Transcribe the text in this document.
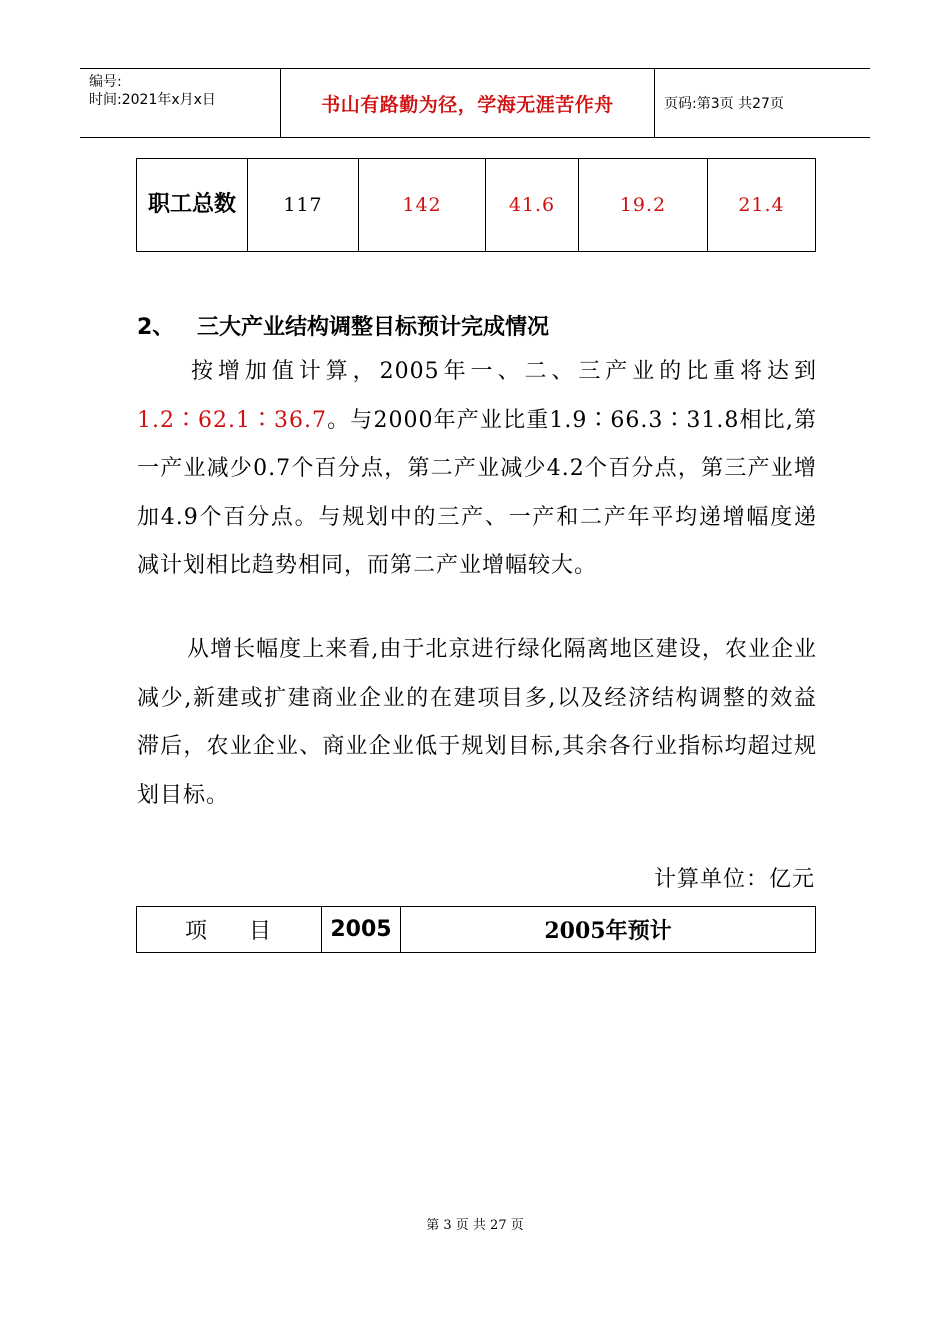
编号:
时间:2021年x月x日	书山有路勤为径，学海无涯苦作舟	页码:第3页 共27页
职工总数	117	142	41.6	19.2	21.4
2、 三大产业结构调整目标预计完成情况

按增加值计算，2005年一、二、三产业的比重将达到1.2∶62.1∶36.7。与2000年产业比重1.9∶66.3∶31.8相比,第一产业减少0.7个百分点，第二产业减少4.2个百分点，第三产业增加4.9个百分点。与规划中的三产、一产和二产年平均递增幅度递减计划相比趋势相同，而第二产业增幅较大。

从增长幅度上来看,由于北京进行绿化隔离地区建设，农业企业减少,新建或扩建商业企业的在建项目多,以及经济结构调整的效益滞后，农业企业、商业企业低于规划目标,其余各行业指标均超过规划目标。

计算单位：亿元
项 目	2005	2005年预计
第 3 页 共 27 页
